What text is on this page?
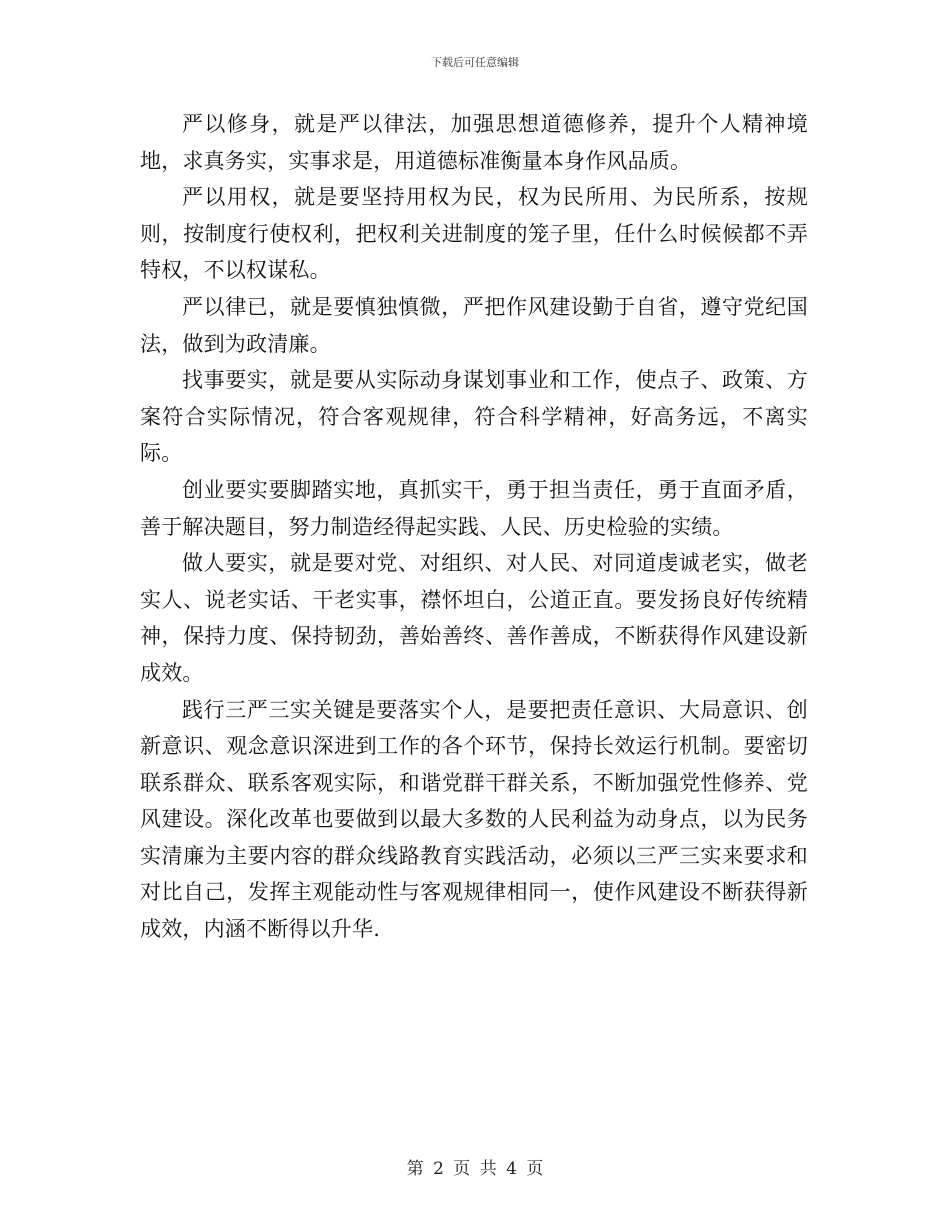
下载后可任意编辑

严以修身，就是严以律法，加强思想道德修养，提升个人精神境地，求真务实，实事求是，用道德标准衡量本身作风品质。

严以用权，就是要坚持用权为民，权为民所用、为民所系，按规则，按制度行使权利，把权利关进制度的笼子里，任什么时候候都不弄特权，不以权谋私。

严以律已，就是要慎独慎微，严把作风建设勤于自省，遵守党纪国法，做到为政清廉。

找事要实，就是要从实际动身谋划事业和工作，使点子、政策、方案符合实际情况，符合客观规律，符合科学精神，好高务远，不离实际。

创业要实要脚踏实地，真抓实干，勇于担当责任，勇于直面矛盾，善于解决题目，努力制造经得起实践、人民、历史检验的实绩。

做人要实，就是要对党、对组织、对人民、对同道虔诚老实，做老实人、说老实话、干老实事，襟怀坦白，公道正直。要发扬良好传统精神，保持力度、保持韧劲，善始善终、善作善成，不断获得作风建设新成效。

践行三严三实关键是要落实个人，是要把责任意识、大局意识、创新意识、观念意识深进到工作的各个环节，保持长效运行机制。要密切联系群众、联系客观实际，和谐党群干群关系，不断加强党性修养、党风建设。深化改革也要做到以最大多数的人民利益为动身点，以为民务实清廉为主要内容的群众线路教育实践活动，必须以三严三实来要求和对比自己，发挥主观能动性与客观规律相同一，使作风建设不断获得新成效，内涵不断得以升华.

第 2 页 共 4 页
